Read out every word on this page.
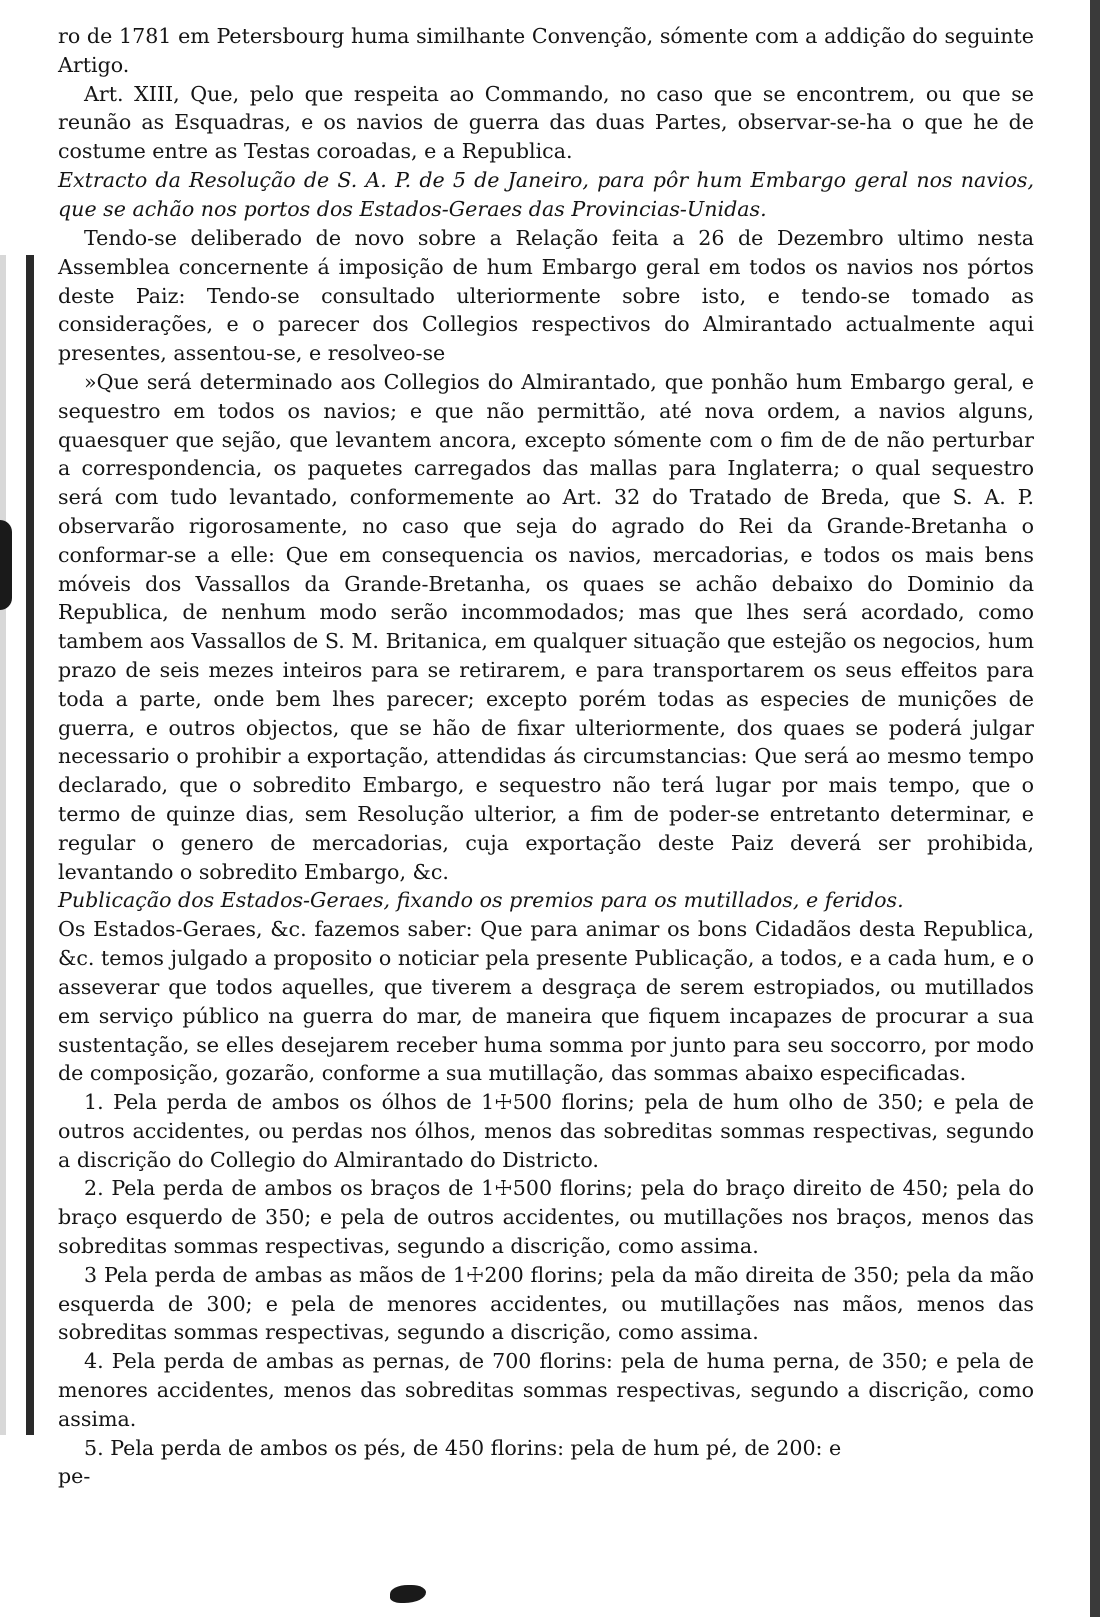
ro de 1781 em Petersbourg huma similhante Convenção, sómente com a addição do seguinte Artigo.

Art. XIII, Que, pelo que respeita ao Commando, no caso que se encontrem, ou que se reunão as Esquadras, e os navios de guerra das duas Partes, observar-se-ha o que he de costume entre as Testas coroadas, e a Republica.

Extracto da Resolução de S. A. P. de 5 de Janeiro, para pôr hum Embargo geral nos navios, que se achão nos portos dos Estados-Geraes das Provincias-Unidas.

Tendo-se deliberado de novo sobre a Relação feita a 26 de Dezembro ultimo nesta Assemblea concernente á imposição de hum Embargo geral em todos os navios nos pórtos deste Paiz: Tendo-se consultado ulteriormente sobre isto, e tendo-se tomado as considerações, e o parecer dos Collegios respectivos do Almirantado actualmente aqui presentes, assentou-se, e resolveo-se

»Que será determinado aos Collegios do Almirantado, que ponhão hum Embargo geral, e sequestro em todos os navios; e que não permittão, até nova ordem, a navios alguns, quaesquer que sejão, que levantem ancora, excepto sómente com o fim de de não perturbar a correspondencia, os paquetes carregados das mallas para Inglaterra; o qual sequestro será com tudo levantado, conformemente ao Art. 32 do Tratado de Breda, que S. A. P. observarão rigorosamente, no caso que seja do agrado do Rei da Grande-Bretanha o conformar-se a elle: Que em consequencia os navios, mercadorias, e todos os mais bens móveis dos Vassallos da Grande-Bretanha, os quaes se achão debaixo do Dominio da Republica, de nenhum modo serão incommodados; mas que lhes será acordado, como tambem aos Vassallos de S. M. Britanica, em qualquer situação que estejão os negocios, hum prazo de seis mezes inteiros para se retirarem, e para transportarem os seus effeitos para toda a parte, onde bem lhes parecer; excepto porém todas as especies de munições de guerra, e outros objectos, que se hão de fixar ulteriormente, dos quaes se poderá julgar necessario o prohibir a exportação, attendidas ás circumstancias: Que será ao mesmo tempo declarado, que o sobredito Embargo, e sequestro não terá lugar por mais tempo, que o termo de quinze dias, sem Resolução ulterior, a fim de poder-se entretanto determinar, e regular o genero de mercadorias, cuja exportação deste Paiz deverá ser prohibida, levantando o sobredito Embargo, &c.

Publicação dos Estados-Geraes, fixando os premios para os mutillados, e feridos.

Os Estados-Geraes, &c. fazemos saber: Que para animar os bons Cidadãos desta Republica, &c. temos julgado a proposito o noticiar pela presente Publicação, a todos, e a cada hum, e o asseverar que todos aquelles, que tiverem a desgraça de serem estropiados, ou mutillados em serviço público na guerra do mar, de maneira que fiquem incapazes de procurar a sua sustentação, se elles desejarem receber huma somma por junto para seu soccorro, por modo de composição, gozarão, conforme a sua mutillação, das sommas abaixo especificadas.

1. Pela perda de ambos os ólhos de 1☩500 florins; pela de hum olho de 350; e pela de outros accidentes, ou perdas nos ólhos, menos das sobreditas sommas respectivas, segundo a discrição do Collegio do Almirantado do Districto.

2. Pela perda de ambos os braços de 1☩500 florins; pela do braço direito de 450; pela do braço esquerdo de 350; e pela de outros accidentes, ou mutillações nos braços, menos das sobreditas sommas respectivas, segundo a discrição, como assima.

3 Pela perda de ambas as mãos de 1☩200 florins; pela da mão direita de 350; pela da mão esquerda de 300; e pela de menores accidentes, ou mutillações nas mãos, menos das sobreditas sommas respectivas, segundo a discrição, como assima.

4. Pela perda de ambas as pernas, de 700 florins: pela de huma perna, de 350; e pela de menores accidentes, menos das sobreditas sommas respectivas, segundo a discrição, como assima.

5. Pela perda de ambos os pés, de 450 florins: pela de hum pé, de 200: e

pe-
